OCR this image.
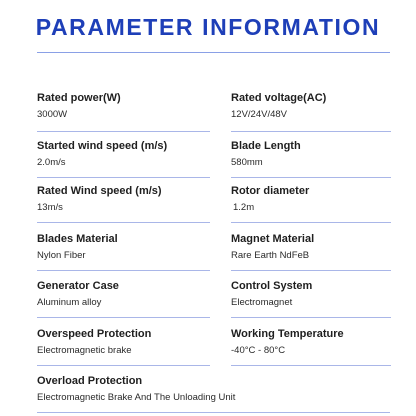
PARAMETER INFORMATION
Rated power(W)
3000W
Rated voltage(AC)
12V/24V/48V
Started wind speed (m/s)
2.0m/s
Blade Length
580mm
Rated Wind speed (m/s)
13m/s
Rotor diameter
1.2m
Blades Material
Nylon Fiber
Magnet Material
Rare Earth NdFeB
Generator Case
Aluminum alloy
Control System
Electromagnet
Overspeed Protection
Electromagnetic brake
Working Temperature
-40°C - 80°C
Overload Protection
Electromagnetic Brake And The Unloading Unit
